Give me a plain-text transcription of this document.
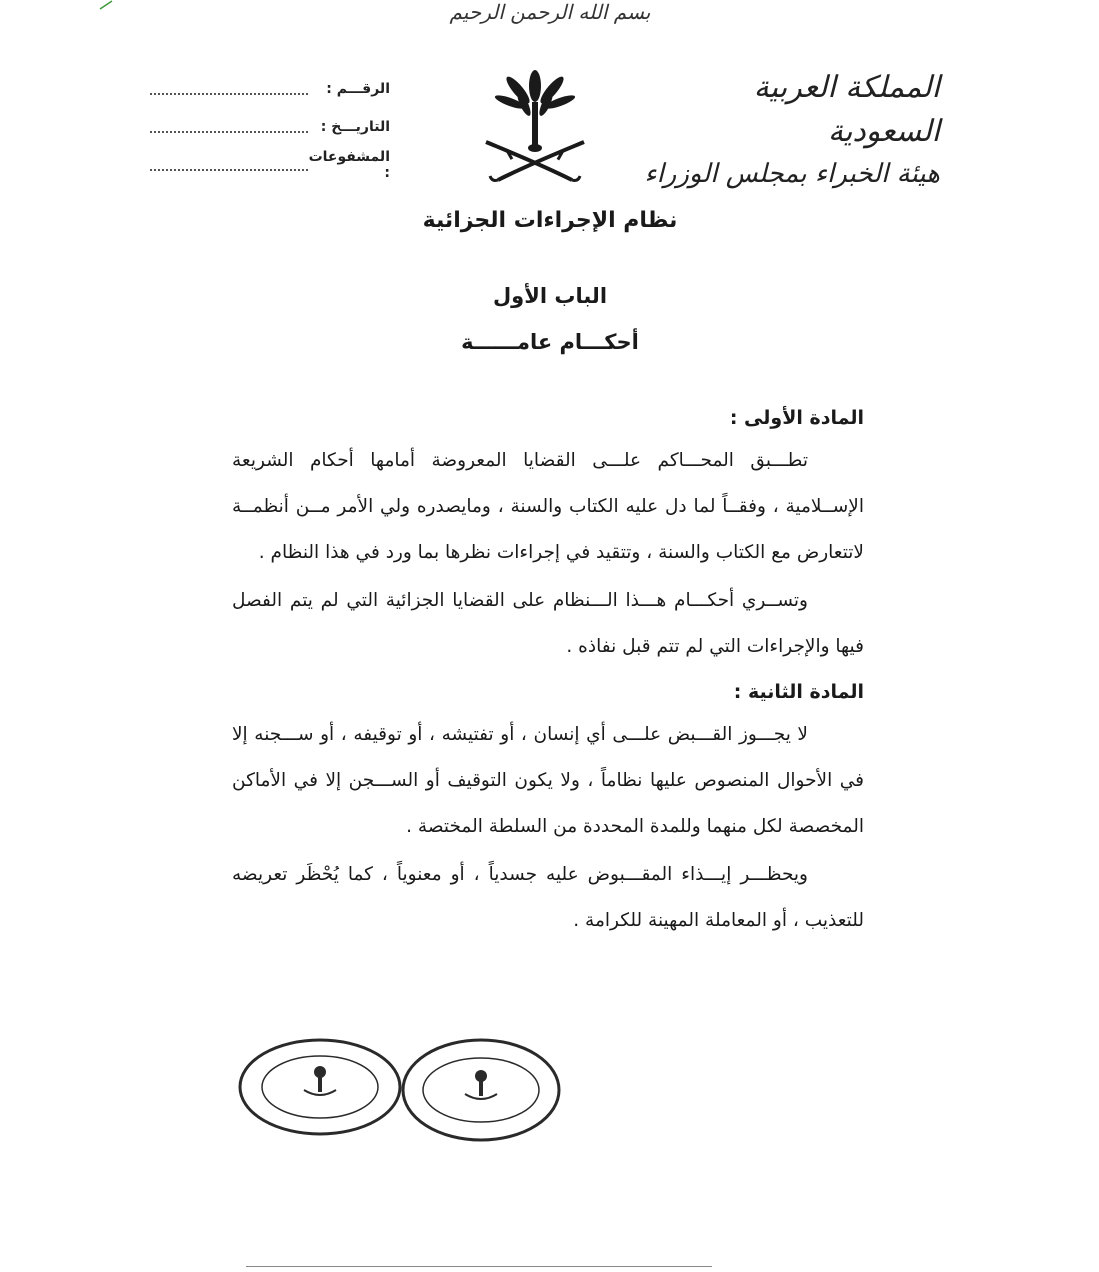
بسم الله الرحمن الرحيم
المملكة العربية السعودية
هيئة الخبراء بمجلس الوزراء
الرقـــم :
التاريـــخ :
المشفوعات :
نظام الإجراءات الجزائية
الباب الأول
أحكـــام عامــــــة
المادة الأولى :

تطـــبق المحـــاكم علـــى القضايا المعروضة أمامها أحكام الشريعة الإســلامية ، وفقــاً لما دل عليه الكتاب والسنة ، ومايصدره ولي الأمر مــن أنظمــة لاتتعارض مع الكتاب والسنة ، وتتقيد في إجراءات نظرها بما ورد في هذا النظام .

وتســري أحكـــام هـــذا الـــنظام على القضايا الجزائية التي لم يتم الفصل فيها والإجراءات التي لم تتم قبل نفاذه .

المادة الثانية :

لا يجـــوز القـــبض علـــى أي إنسان ، أو تفتيشه ، أو توقيفه ، أو ســـجنه إلا في الأحوال المنصوص عليها نظاماً ، ولا يكون التوقيف أو الســـجن إلا في الأماكن المخصصة لكل منهما وللمدة المحددة من السلطة المختصة .

ويحظـــر إيـــذاء المقـــبوض عليه جسدياً ، أو معنوياً ، كما يُحْظَر تعريضه للتعذيب ، أو المعاملة المهينة للكرامة .
